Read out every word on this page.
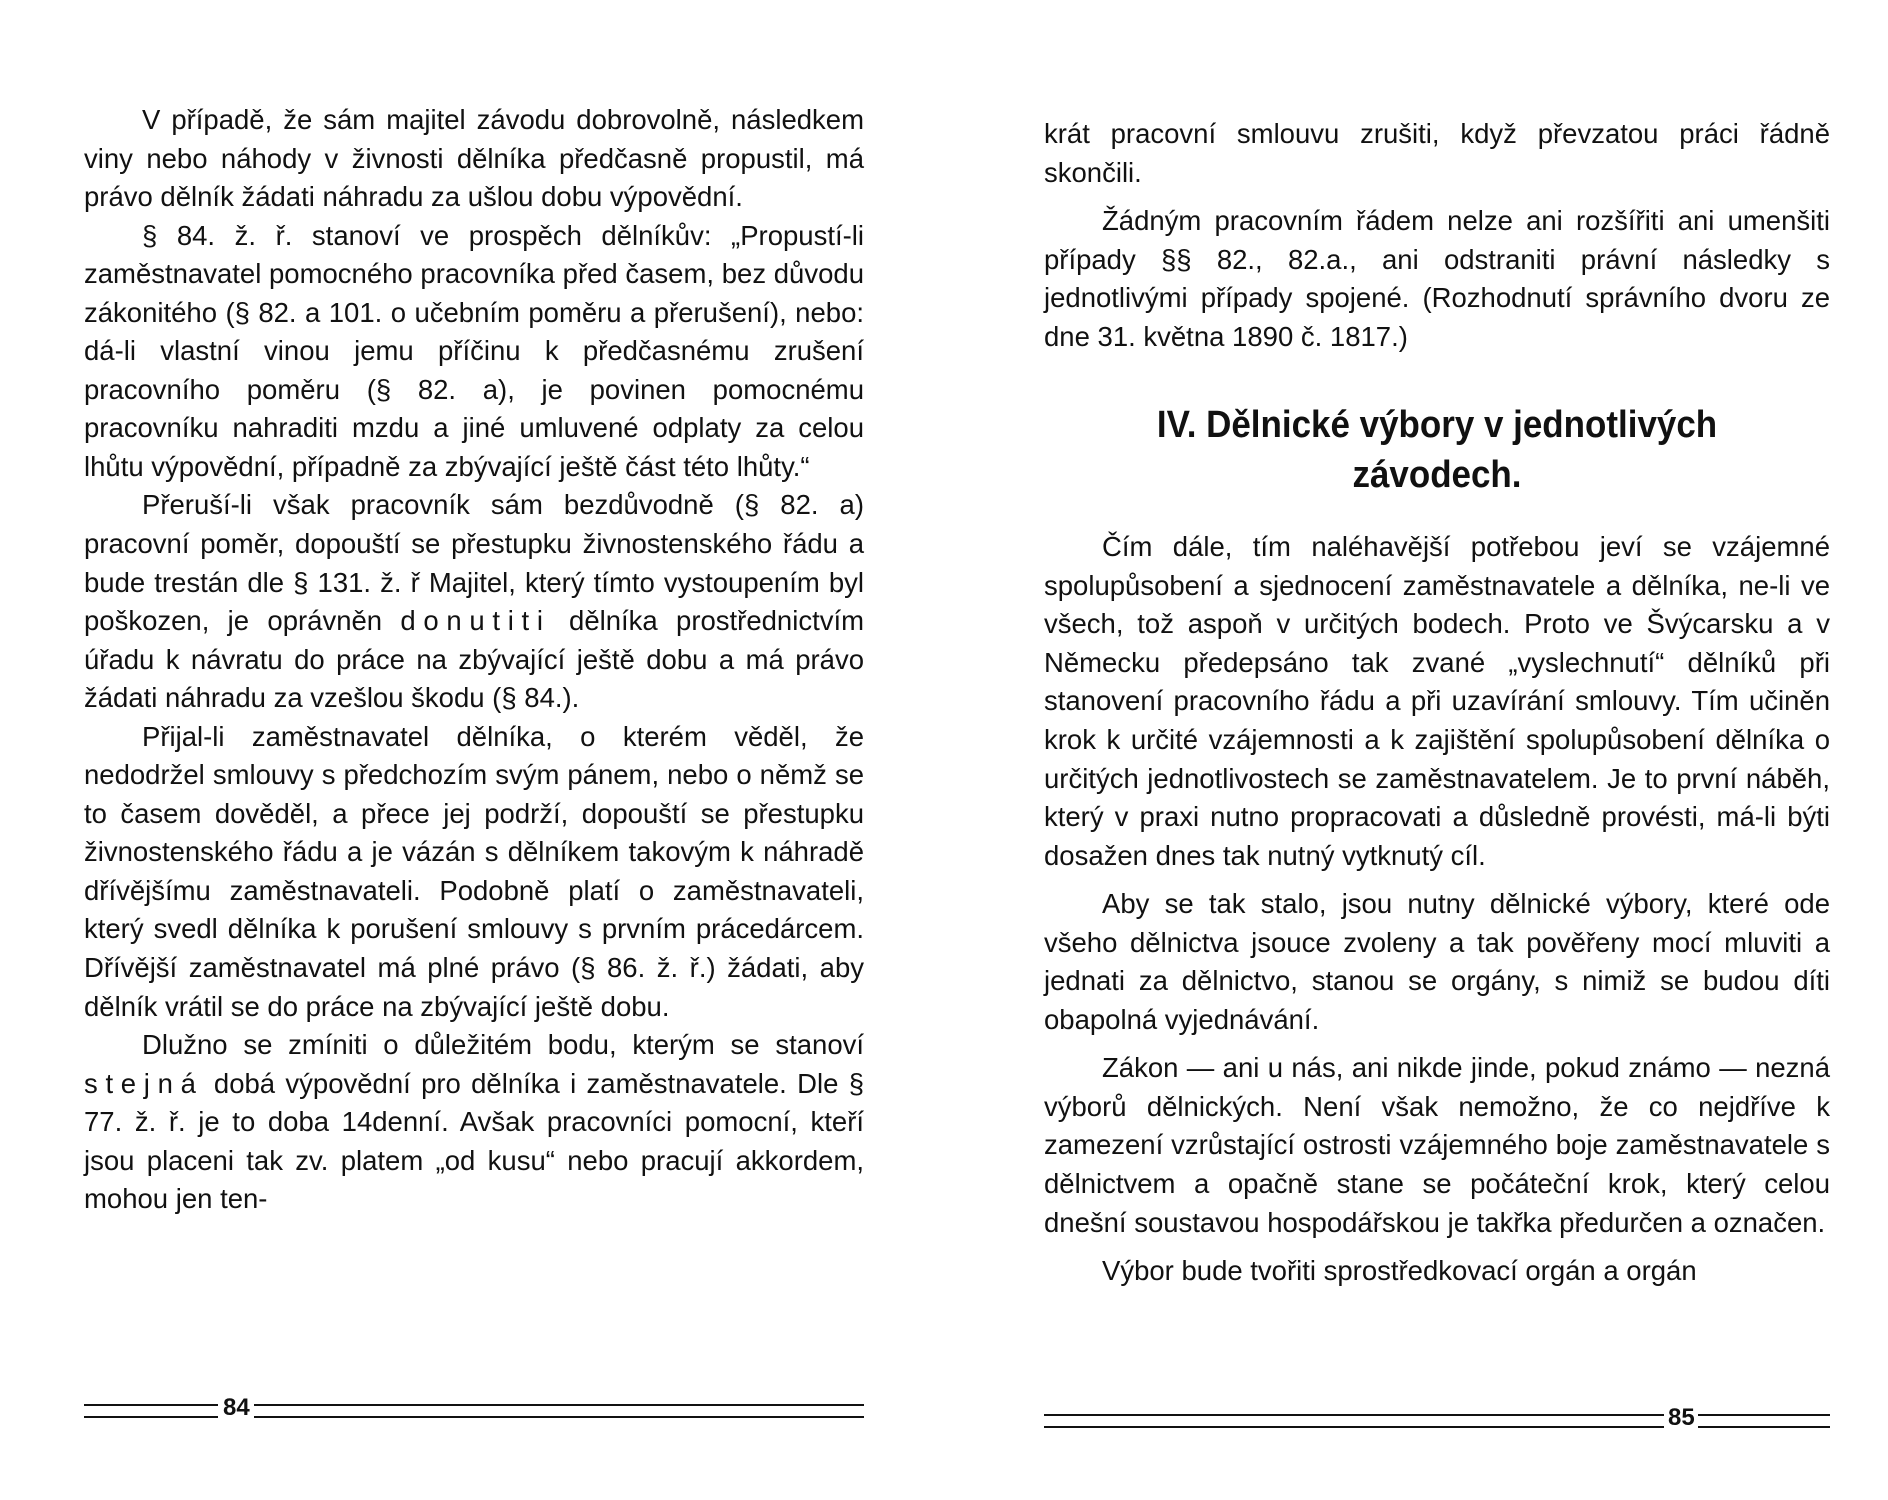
V případě, že sám majitel závodu dobrovolně, následkem viny nebo náhody v živnosti dělníka předčasně propustil, má právo dělník žádati náhradu za ušlou dobu výpovědní.

§ 84. ž. ř. stanoví ve prospěch dělníkův: „Propustí-li zaměstnavatel pomocného pracovníka před časem, bez důvodu zákonitého (§ 82. a 101. o učebním poměru a přerušení), nebo: dá-li vlastní vinou jemu příčinu k předčasnému zrušení pracovního poměru (§ 82. a), je povinen pomocnému pracovníku nahraditi mzdu a jiné umluvené odplaty za celou lhůtu výpovědní, případně za zbývající ještě část této lhůty.“

Přeruší-li však pracovník sám bezdůvodně (§ 82. a) pracovní poměr, dopouští se přestupku živnostenského řádu a bude trestán dle § 131. ž. ř Majitel, který tímto vystoupením byl poškozen, je oprávněn donutiti dělníka prostřednictvím úřadu k návratu do práce na zbývající ještě dobu a má právo žádati náhradu za vzešlou škodu (§ 84.).

Přijal-li zaměstnavatel dělníka, o kterém věděl, že nedodržel smlouvy s předchozím svým pánem, nebo o němž se to časem dověděl, a přece jej podrží, dopouští se přestupku živnostenského řádu a je vázán s dělníkem takovým k náhradě dřívějšímu zaměstnavateli. Podobně platí o zaměstnavateli, který svedl dělníka k porušení smlouvy s prvním prácedárcem. Dřívější zaměstnavatel má plné právo (§ 86. ž. ř.) žádati, aby dělník vrátil se do práce na zbývající ještě dobu.

Dlužno se zmíniti o důležitém bodu, kterým se stanoví stejná dobá výpovědní pro dělníka i zaměstnavatele. Dle § 77. ž. ř. je to doba 14denní. Avšak pracovníci pomocní, kteří jsou placeni tak zv. platem „od kusu“ nebo pracují akkordem, mohou jen ten-

84

krát pracovní smlouvu zrušiti, když převzatou práci řádně skončili.

Žádným pracovním řádem nelze ani rozšířiti ani umenšiti případy §§ 82., 82.a., ani odstraniti právní následky s jednotlivými případy spojené. (Rozhodnutí správního dvoru ze dne 31. května 1890 č. 1817.)

IV. Dělnické výbory v jednotlivých
závodech.

Čím dále, tím naléhavější potřebou jeví se vzájemné spolupůsobení a sjednocení zaměstnavatele a dělníka, ne-li ve všech, tož aspoň v určitých bodech. Proto ve Švýcarsku a v Německu předepsáno tak zvané „vyslechnutí“ dělníků při stanovení pracovního řádu a při uzavírání smlouvy. Tím učiněn krok k určité vzájemnosti a k zajištění spolupůsobení dělníka o určitých jednotlivostech se zaměstnavatelem. Je to první náběh, který v praxi nutno propracovati a důsledně provésti, má-li býti dosažen dnes tak nutný vytknutý cíl.

Aby se tak stalo, jsou nutny dělnické výbory, které ode všeho dělnictva jsouce zvoleny a tak pověřeny mocí mluviti a jednati za dělnictvo, stanou se orgány, s nimiž se budou díti obapolná vyjednávání.

Zákon — ani u nás, ani nikde jinde, pokud známo — nezná výborů dělnických. Není však nemožno, že co nejdříve k zamezení vzrůstající ostrosti vzájemného boje zaměstnavatele s dělnictvem a opačně stane se počáteční krok, který celou dnešní soustavou hospodářskou je takřka předurčen a označen.

Výbor bude tvořiti sprostředkovací orgán a orgán

85
